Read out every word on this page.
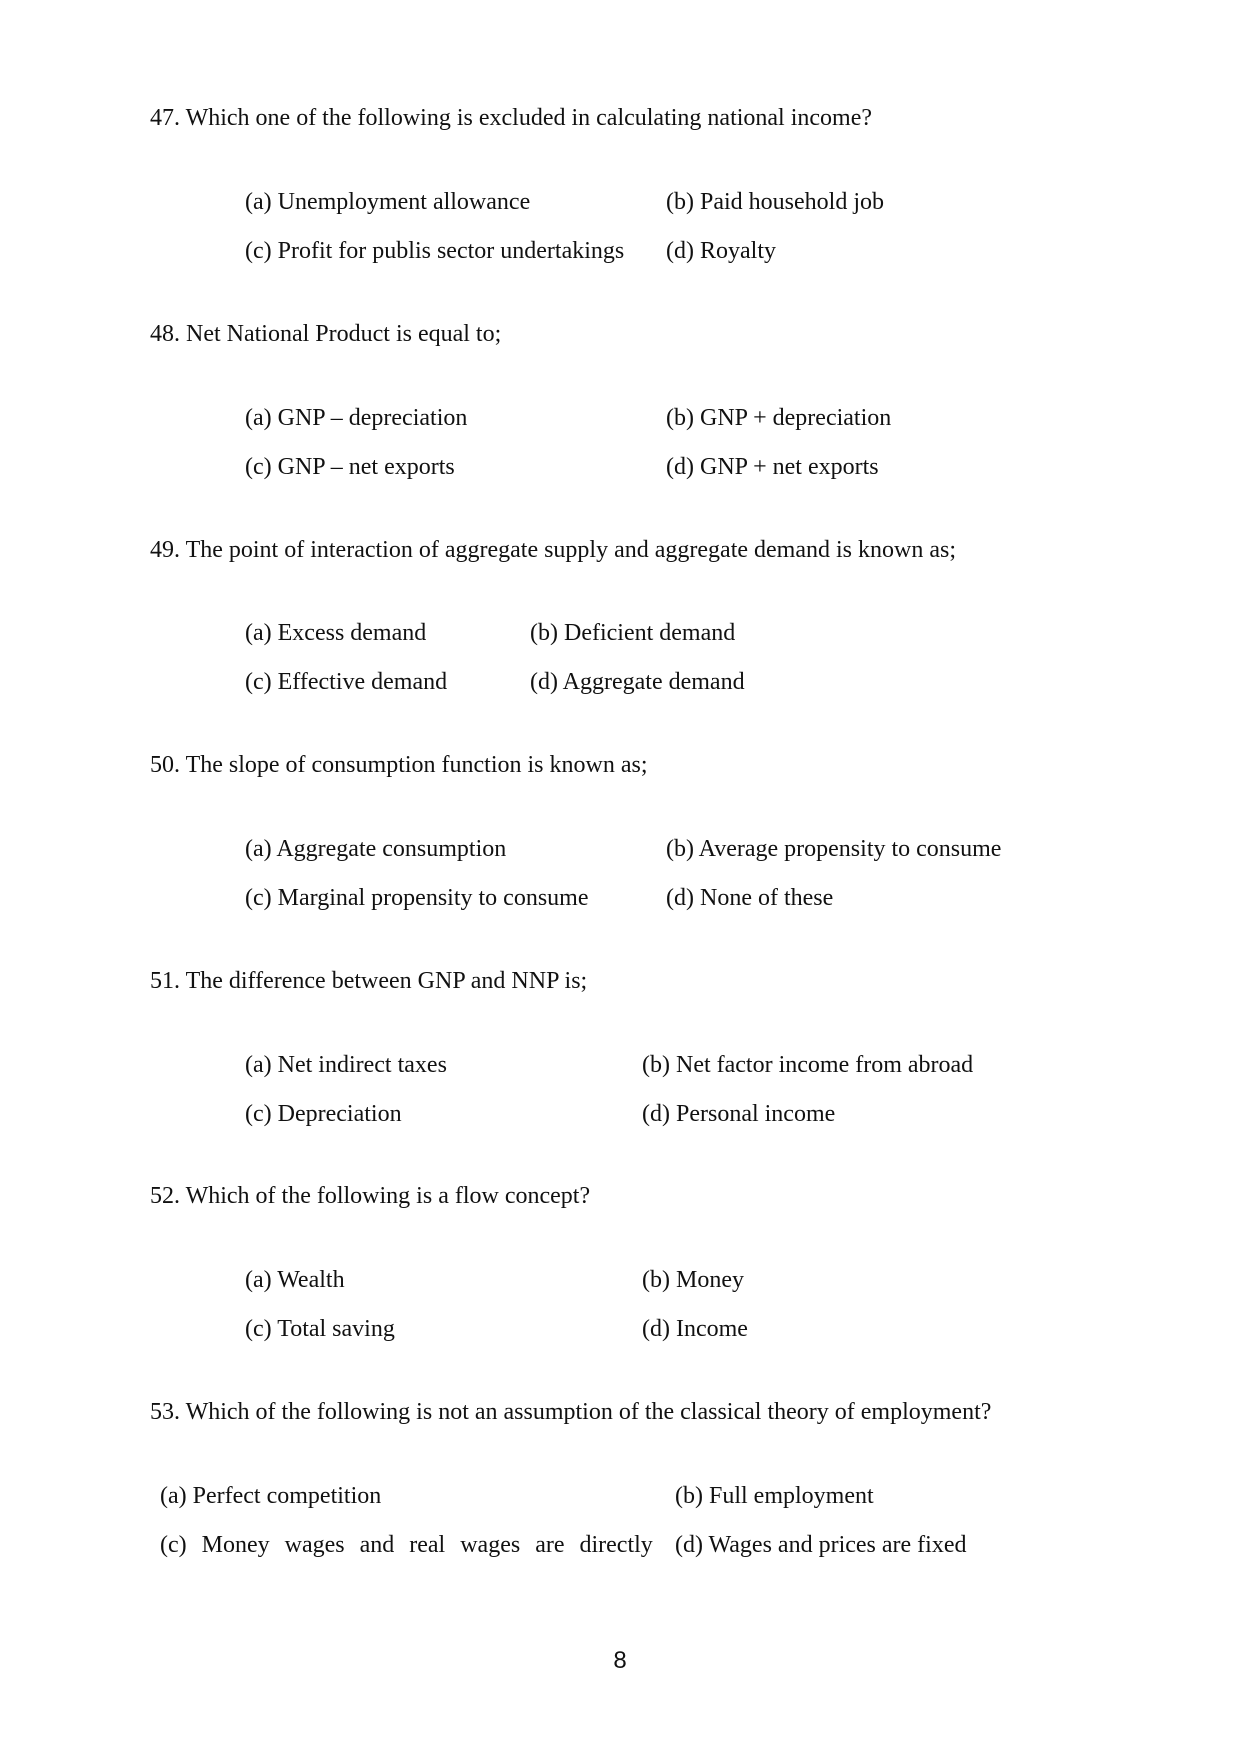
47. Which one of the following is excluded in calculating national income?
(a) Unemployment allowance	(b) Paid household job
(c) Profit for publis sector undertakings (d) Royalty
48. Net National Product is equal to;
(a) GNP – depreciation	(b) GNP + depreciation
(c) GNP – net exports	(d) GNP + net exports
49. The point of interaction of aggregate supply and aggregate demand is known as;
(a) Excess demand	(b) Deficient demand
(c) Effective demand	(d) Aggregate demand
50. The slope of consumption function is known as;
(a) Aggregate consumption	(b) Average propensity to consume
(c) Marginal propensity to consume	(d) None of these
51. The difference between GNP and NNP is;
(a) Net indirect taxes	(b) Net factor income from abroad
(c) Depreciation	(d) Personal income
52. Which of the following is a flow concept?
(a) Wealth	(b) Money
(c) Total saving	(d) Income
53. Which of the following is not an assumption of the classical theory of employment?
(a) Perfect competition	(b) Full employment
(c) Money wages and real wages are directly (d) Wages and prices are fixed
8
